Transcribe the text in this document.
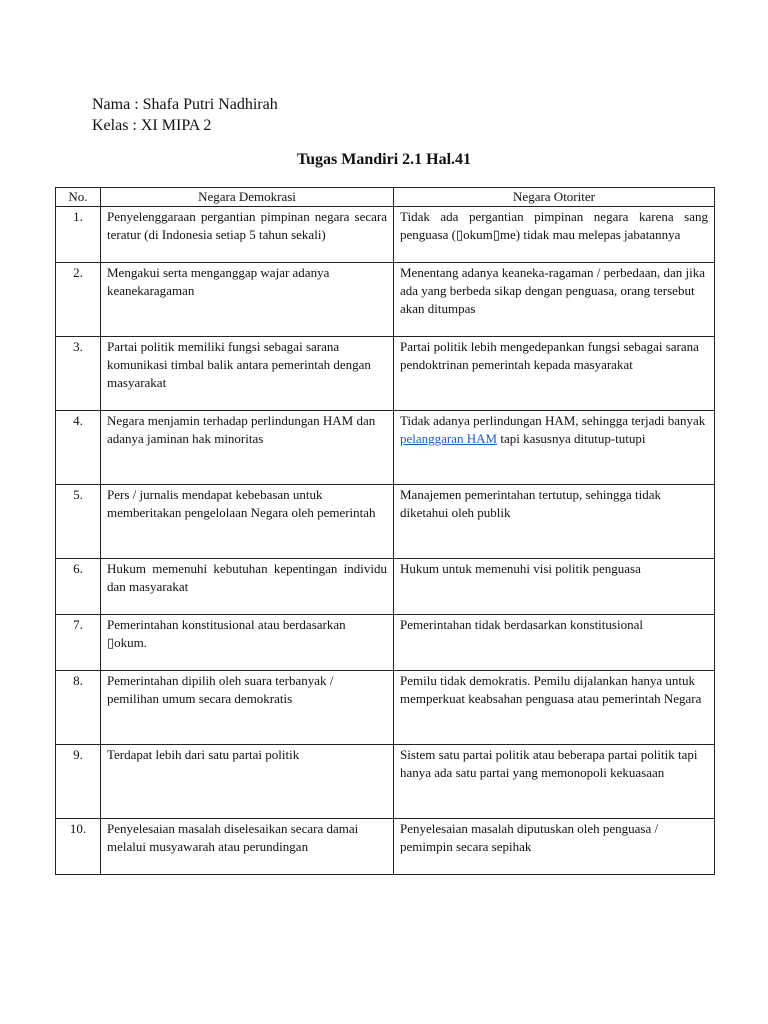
Nama : Shafa Putri Nadhirah
Kelas : XI MIPA 2
Tugas Mandiri 2.1 Hal.41
No.	Negara Demokrasi	Negara Otoriter
1.	Penyelenggaraan pergantian pimpinan negara secara teratur (di Indonesia setiap 5 tahun sekali)	Tidak ada pergantian pimpinan negara karena sang penguasa (▯okum▯me) tidak mau melepas jabatannya
2.	Mengakui serta menganggap wajar adanya keanekaragaman	Menentang adanya keaneka-ragaman / perbedaan, dan jika ada yang berbeda sikap dengan penguasa, orang tersebut akan ditumpas
3.	Partai politik memiliki fungsi sebagai sarana komunikasi timbal balik antara pemerintah dengan masyarakat	Partai politik lebih mengedepankan fungsi sebagai sarana pendoktrinan pemerintah kepada masyarakat
4.	Negara menjamin terhadap perlindungan HAM dan adanya jaminan hak minoritas	Tidak adanya perlindungan HAM, sehingga terjadi banyak pelanggaran HAM tapi kasusnya ditutup-tutupi
5.	Pers / jurnalis mendapat kebebasan untuk memberitakan pengelolaan Negara oleh pemerintah	Manajemen pemerintahan tertutup, sehingga tidak diketahui oleh publik
6.	Hukum memenuhi kebutuhan kepentingan individu dan masyarakat	Hukum untuk memenuhi visi politik penguasa
7.	Pemerintahan konstitusional atau berdasarkan ▯okum.	Pemerintahan tidak berdasarkan konstitusional
8.	Pemerintahan dipilih oleh suara terbanyak / pemilihan umum secara demokratis	Pemilu tidak demokratis. Pemilu dijalankan hanya untuk memperkuat keabsahan penguasa atau pemerintah Negara
9.	Terdapat lebih dari satu partai politik	Sistem satu partai politik atau beberapa partai politik tapi hanya ada satu partai yang memonopoli kekuasaan
10.	Penyelesaian masalah diselesaikan secara damai melalui musyawarah atau perundingan	Penyelesaian masalah diputuskan oleh penguasa / pemimpin secara sepihak
